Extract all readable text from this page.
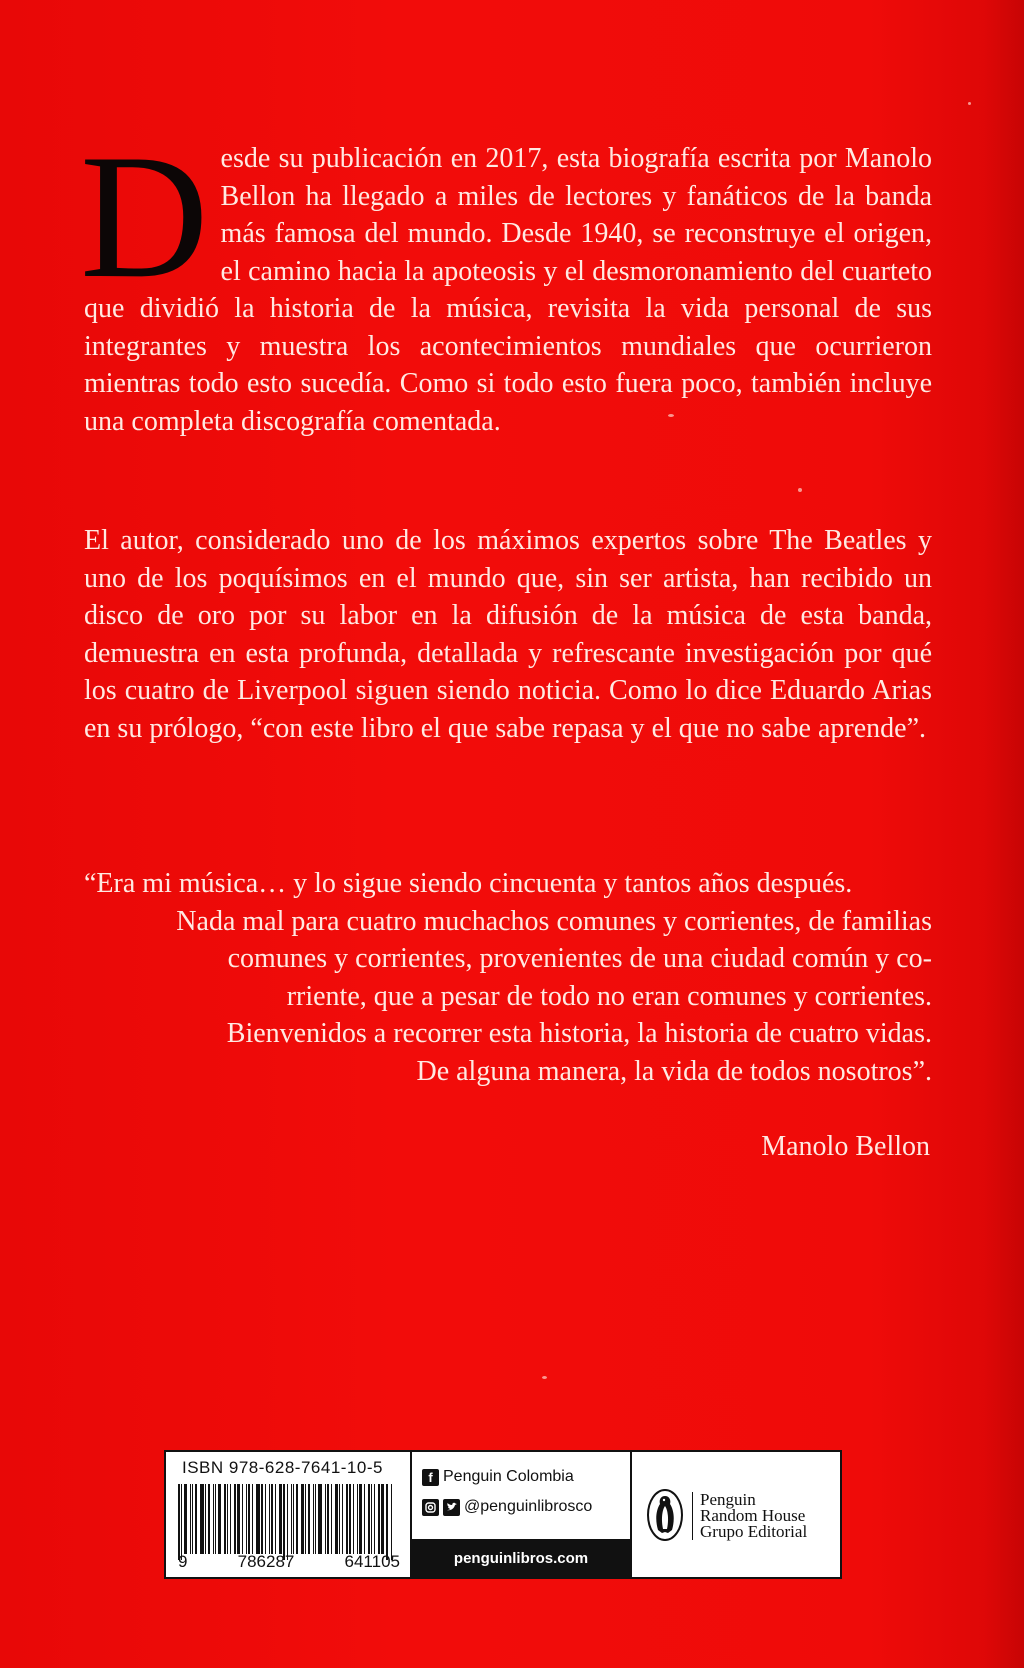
D esde su publicación en 2017, esta biografía escrita por Manolo Bellon ha llegado a miles de lectores y fanáticos de la banda más famosa del mundo. Desde 1940, se reconstruye el origen, el camino hacia la apoteosis y el desmoronamiento del cuarteto que dividió la historia de la música, revisita la vida personal de sus integrantes y muestra los acontecimientos mundiales que ocurrieron mientras todo esto sucedía. Como si todo esto fuera poco, también incluye una completa discografía comentada.

El autor, considerado uno de los máximos expertos sobre The Beatles y uno de los poquísimos en el mundo que, sin ser artista, han recibido un disco de oro por su labor en la difusión de la música de esta banda, demuestra en esta profunda, detallada y refrescante investigación por qué los cuatro de Liverpool siguen siendo noticia. Como lo dice Eduardo Arias en su prólogo, “con este libro el que sabe repasa y el que no sabe aprende”.

“Era mi música… y lo sigue siendo cincuenta y tantos años después.

Nada mal para cuatro muchachos comunes y corrientes, de familias

comunes y corrientes, provenientes de una ciudad común y co-

rriente, que a pesar de todo no eran comunes y corrientes.

Bienvenidos a recorrer esta historia, la historia de cuatro vidas.

De alguna manera, la vida de todos nosotros”.

Manolo Bellon

ISBN 978-628-7641-10-5
9	786287	641105
f Penguin Colombia
@penguinlibrosco
penguinlibros.com
Penguin
Random House
Grupo Editorial
